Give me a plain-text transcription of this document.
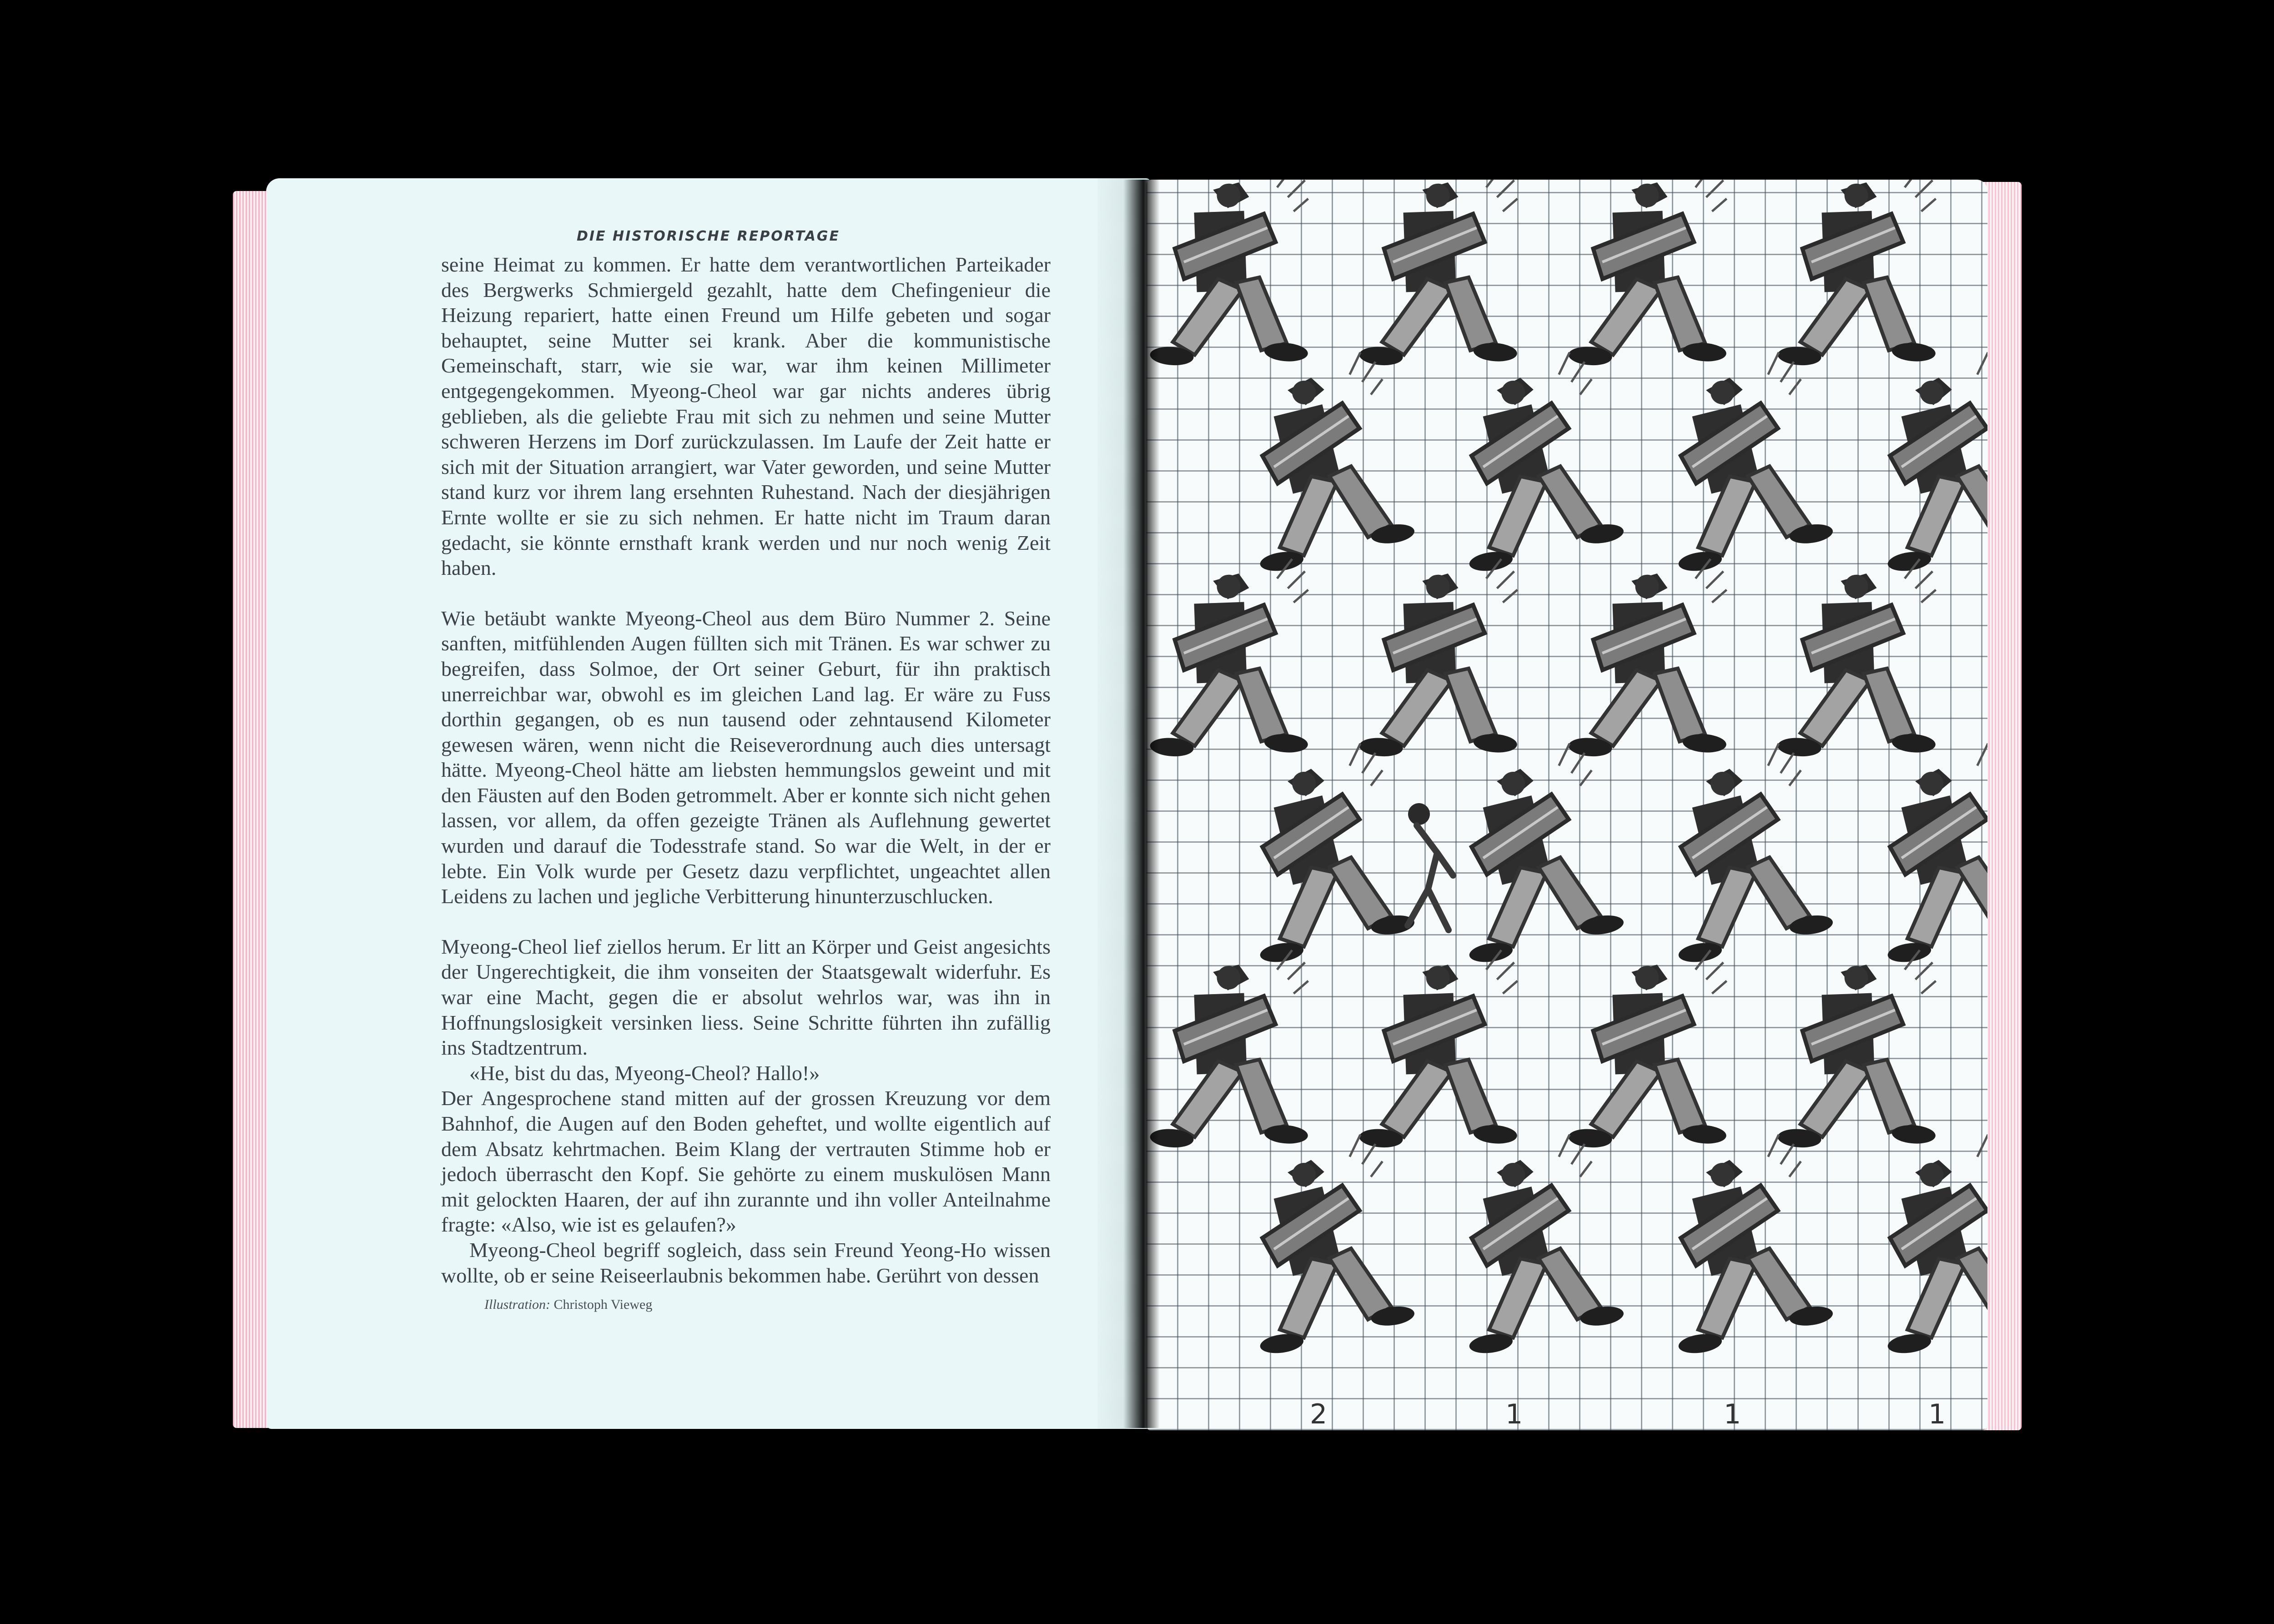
DIE HISTORISCHE REPORTAGE

seine Heimat zu kommen. Er hatte dem verantwortlichen Parteikader des Bergwerks Schmiergeld gezahlt, hatte dem Chefingenieur die Heizung repariert, hatte einen Freund um Hilfe gebeten und sogar behauptet, seine Mutter sei krank. Aber die kommunistische Gemeinschaft, starr, wie sie war, war ihm keinen Millimeter entgegengekommen. Myeong-Cheol war gar nichts anderes übrig geblieben, als die geliebte Frau mit sich zu nehmen und seine Mutter schweren Herzens im Dorf zurückzulassen. Im Laufe der Zeit hatte er sich mit der Situation arrangiert, war Vater geworden, und seine Mutter stand kurz vor ihrem lang ersehnten Ruhestand. Nach der diesjährigen Ernte wollte er sie zu sich nehmen. Er hatte nicht im Traum daran gedacht, sie könnte ernsthaft krank werden und nur noch wenig Zeit haben.

Wie betäubt wankte Myeong-Cheol aus dem Büro Nummer 2. Seine sanften, mitfühlenden Augen füllten sich mit Tränen. Es war schwer zu begreifen, dass Solmoe, der Ort seiner Geburt, für ihn praktisch unerreichbar war, obwohl es im gleichen Land lag. Er wäre zu Fuss dorthin gegangen, ob es nun tausend oder zehntausend Kilometer gewesen wären, wenn nicht die Reiseverordnung auch dies untersagt hätte. Myeong-Cheol hätte am liebsten hemmungslos geweint und mit den Fäusten auf den Boden getrommelt. Aber er konnte sich nicht gehen lassen, vor allem, da offen gezeigte Tränen als Auflehnung gewertet wurden und darauf die Todesstrafe stand. So war die Welt, in der er lebte. Ein Volk wurde per Gesetz dazu verpflichtet, ungeachtet allen Leidens zu lachen und jegliche Verbitterung hinunterzuschlucken.

Myeong-Cheol lief ziellos herum. Er litt an Körper und Geist angesichts der Ungerechtigkeit, die ihm vonseiten der Staatsgewalt widerfuhr. Es war eine Macht, gegen die er absolut wehrlos war, was ihn in Hoffnungslosigkeit versinken liess. Seine Schritte führten ihn zufällig ins Stadtzentrum.

«He, bist du das, Myeong-Cheol? Hallo!»

Der Angesprochene stand mitten auf der grossen Kreuzung vor dem Bahnhof, die Augen auf den Boden geheftet, und wollte eigentlich auf dem Absatz kehrtmachen. Beim Klang der vertrauten Stimme hob er jedoch überrascht den Kopf. Sie gehörte zu einem muskulösen Mann mit gelockten Haaren, der auf ihn zurannte und ihn voller Anteilnahme fragte: «Also, wie ist es gelaufen?»

Myeong-Cheol begriff sogleich, dass sein Freund Yeong-Ho wissen wollte, ob er seine Reiseerlaubnis bekommen habe. Gerührt von dessen

Illustration: Christoph Vieweg

2	1	1	1
